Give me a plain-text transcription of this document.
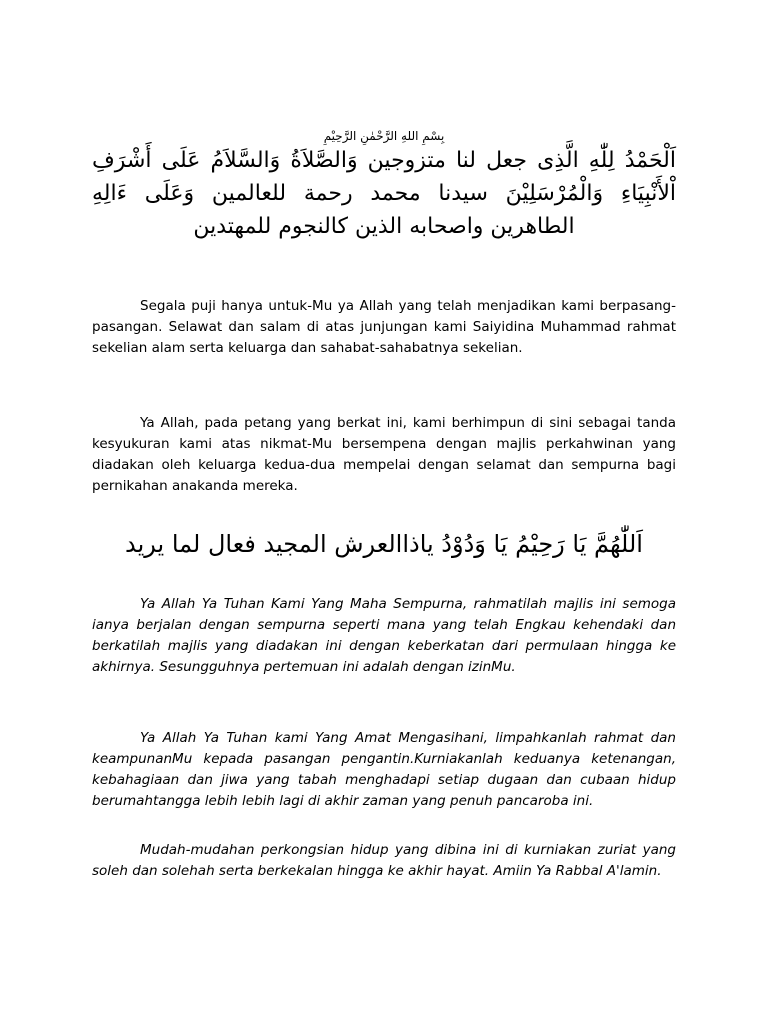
بِسْمِ اللهِ الرَّحْمٰنِ الرَّحِيْمِ
اَلْحَمْدُ لِلّٰهِ الَّذِى جعل لنا متزوجين وَالصَّلاَةُ وَالسَّلاَمُ عَلَى أَشْرَفِ اْلأَنْبِيَاءِ وَالْمُرْسَلِيْنَ سيدنا محمد رحمة للعالمين وَعَلَى ءَالِهِ الطاهرين واصحابه الذين كالنجوم للمهتدين

Segala puji hanya untuk-Mu ya Allah yang telah menjadikan kami berpasang-pasangan. Selawat dan salam di atas junjungan kami Saiyidina Muhammad rahmat sekelian alam serta keluarga dan sahabat-sahabatnya sekelian.

Ya Allah, pada petang yang berkat ini, kami berhimpun di sini sebagai tanda kesyukuran kami atas nikmat-Mu bersempena dengan majlis perkahwinan yang diadakan oleh keluarga kedua-dua mempelai dengan selamat dan sempurna bagi pernikahan anakanda mereka.

اَللّٰهُمَّ يَا رَحِيْمُ يَا وَدُوْدُ ياذاالعرش المجيد فعال لما يريد

Ya Allah Ya Tuhan Kami Yang Maha Sempurna, rahmatilah majlis ini semoga ianya berjalan dengan sempurna seperti mana yang telah Engkau kehendaki dan berkatilah majlis yang diadakan ini dengan keberkatan dari permulaan hingga ke akhirnya. Sesungguhnya pertemuan ini adalah dengan izinMu.

Ya Allah Ya Tuhan kami Yang Amat Mengasihani, limpahkanlah rahmat dan keampunanMu kepada pasangan pengantin.Kurniakanlah keduanya ketenangan, kebahagiaan dan jiwa yang tabah menghadapi setiap dugaan dan cubaan hidup berumahtangga lebih lebih lagi di akhir zaman yang penuh pancaroba ini.

Mudah-mudahan perkongsian hidup yang dibina ini di kurniakan zuriat yang soleh dan solehah serta berkekalan hingga ke akhir hayat. Amiin Ya Rabbal A'lamin.
